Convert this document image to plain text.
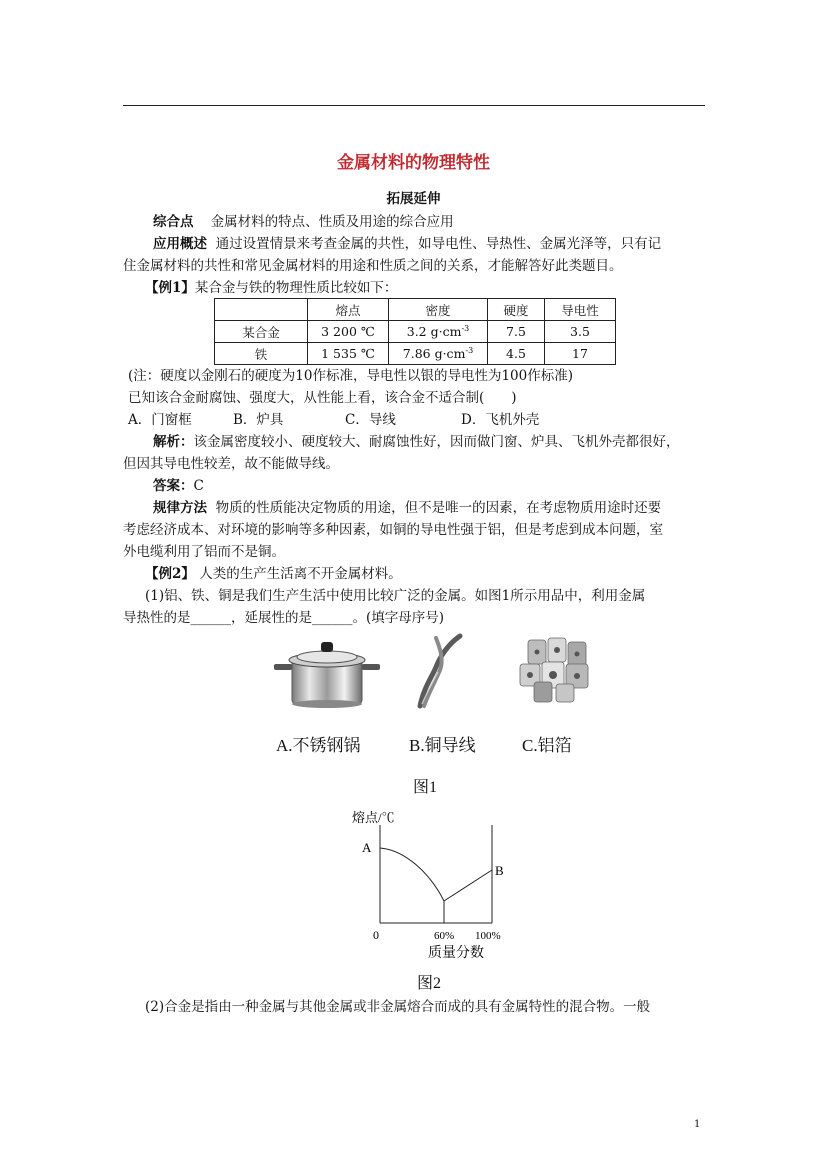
金属材料的物理特性
拓展延伸
综合点 金属材料的特点、性质及用途的综合应用
应用概述 通过设置情景来考查金属的共性，如导电性、导热性、金属光泽等，只有记
住金属材料的共性和常见金属材料的用途和性质之间的关系，才能解答好此类题目。
【例1】某合金与铁的物理性质比较如下：
	熔点	密度	硬度	导电性
某合金	3 200 ℃	3.2 $g\cdot cm^{-3}$	7.5	3.5
铁	1 535 ℃	7.86 $g\cdot cm^{-3}$	4.5	17
(注：硬度以金刚石的硬度为10作标准，导电性以银的导电性为100作标准)
已知该合金耐腐蚀、强度大，从性能上看，该合金不适合制(　　)
A．门窗框	B．炉具	C．导线	D．飞机外壳
解析：该金属密度较小、硬度较大、耐腐蚀性好，因而做门窗、炉具、飞机外壳都很好，
但因其导电性较差，故不能做导线。
答案：C
规律方法 物质的性质能决定物质的用途，但不是唯一的因素，在考虑物质用途时还要
考虑经济成本、对环境的影响等多种因素，如铜的导电性强于铝，但是考虑到成本问题，室
外电缆利用了铝而不是铜。
【例2】 人类的生产生活离不开金属材料。
(1)铝、铁、铜是我们生产生活中使用比较广泛的金属。如图1所示用品中，利用金属
导热性的是______，延展性的是______。(填字母序号)
A.不锈钢锅	B.铜导线	C.铝箔
图1
熔点/℃
A
B
0	60% 100%
质量分数
图2
(2)合金是指由一种金属与其他金属或非金属熔合而成的具有金属特性的混合物。一般
1
